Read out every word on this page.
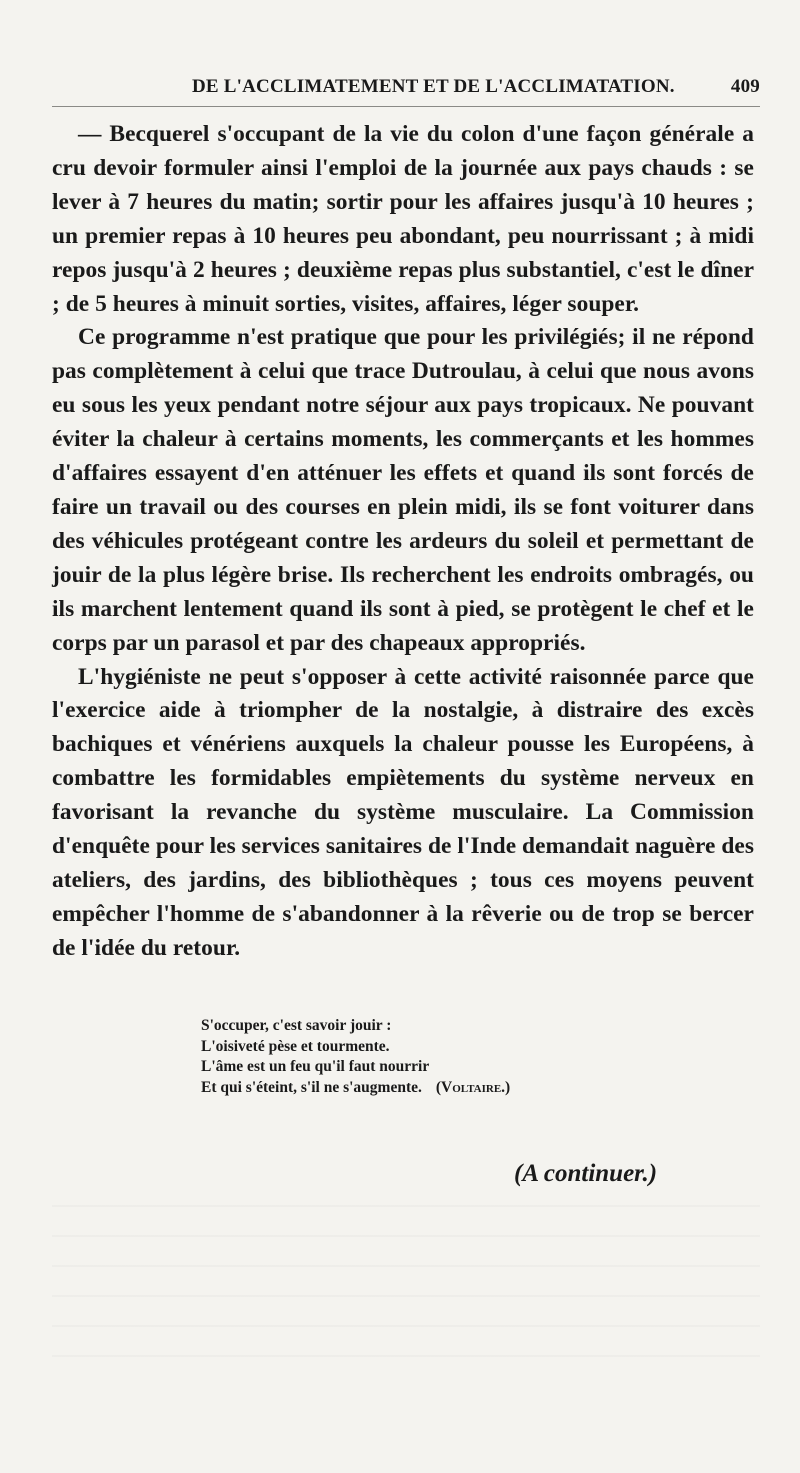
DE L'ACCLIMATEMENT ET DE L'ACCLIMATATION.	409

— Becquerel s'occupant de la vie du colon d'une façon générale a cru devoir formuler ainsi l'emploi de la journée aux pays chauds : se lever à 7 heures du matin; sortir pour les affaires jusqu'à 10 heures ; un premier repas à 10 heures peu abondant, peu nourrissant ; à midi repos jusqu'à 2 heures ; deuxième repas plus substantiel, c'est le dîner ; de 5 heures à minuit sorties, visites, affaires, léger souper.

Ce programme n'est pratique que pour les privilégiés; il ne répond pas complètement à celui que trace Dutroulau, à celui que nous avons eu sous les yeux pendant notre séjour aux pays tropicaux. Ne pouvant éviter la chaleur à certains moments, les commerçants et les hommes d'affaires essayent d'en atténuer les effets et quand ils sont forcés de faire un travail ou des courses en plein midi, ils se font voiturer dans des véhicules protégeant contre les ardeurs du soleil et permettant de jouir de la plus légère brise. Ils recherchent les endroits ombragés, ou ils marchent lentement quand ils sont à pied, se protègent le chef et le corps par un parasol et par des chapeaux appropriés.

L'hygiéniste ne peut s'opposer à cette activité raisonnée parce que l'exercice aide à triompher de la nostalgie, à distraire des excès bachiques et vénériens auxquels la chaleur pousse les Européens, à combattre les formidables empiètements du système nerveux en favorisant la revanche du système musculaire. La Commission d'enquête pour les services sanitaires de l'Inde demandait naguère des ateliers, des jardins, des bibliothèques ; tous ces moyens peuvent empêcher l'homme de s'abandonner à la rêverie ou de trop se bercer de l'idée du retour.

S'occuper, c'est savoir jouir :
L'oisiveté pèse et tourmente.
L'âme est un feu qu'il faut nourrir
Et qui s'éteint, s'il ne s'augmente. (Voltaire.)
(A continuer.)
